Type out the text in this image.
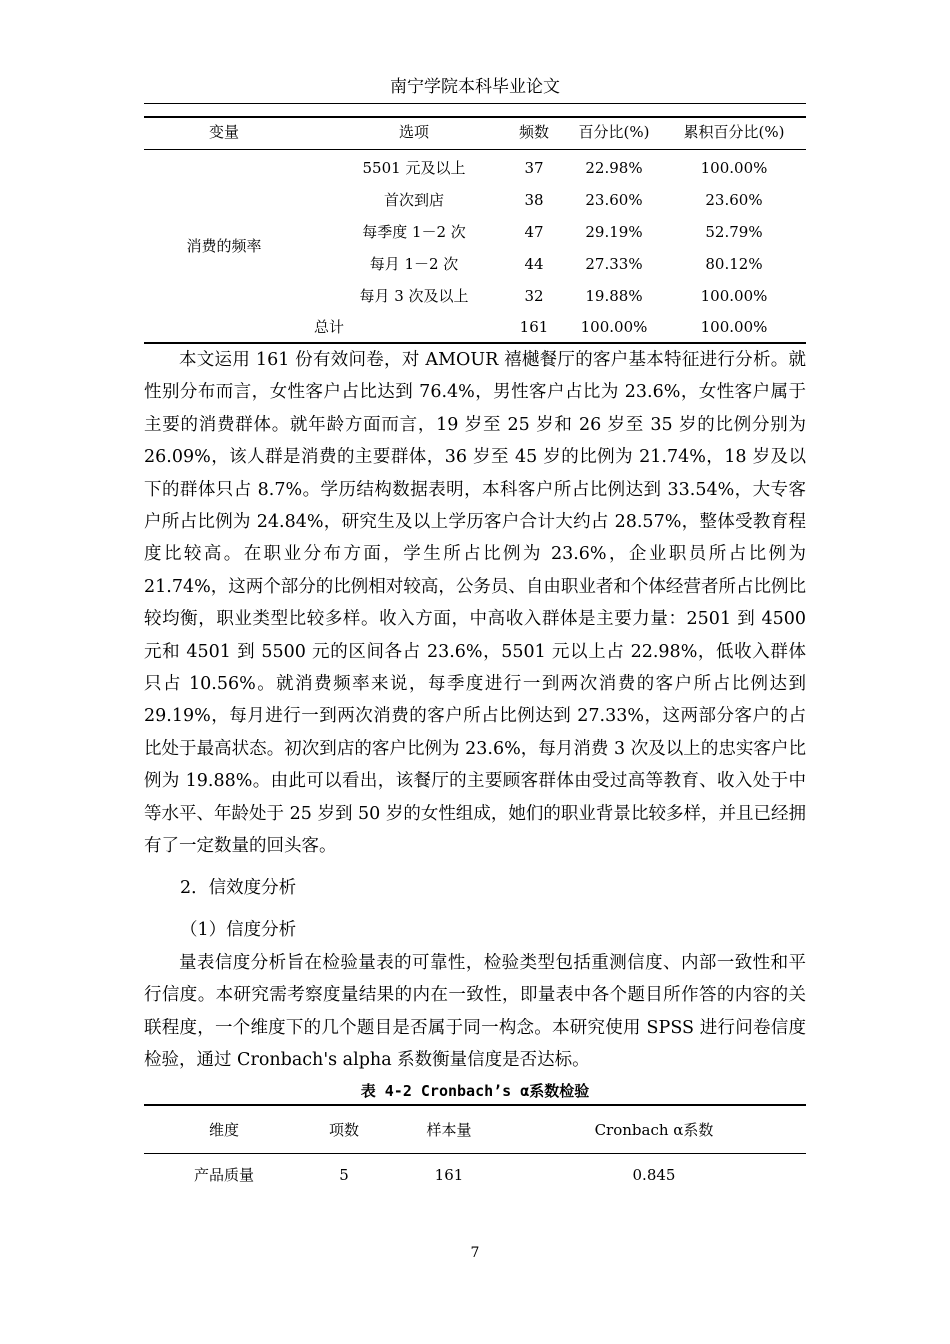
南宁学院本科毕业论文
变量	选项	频数	百分比(%)	累积百分比(%)
消费的频率
5501 元及以上	37	22.98%	100.00%
首次到店	38	23.60%	23.60%
每季度 1－2 次	47	29.19%	52.79%
每月 1－2 次	44	27.33%	80.12%
每月 3 次及以上	32	19.88%	100.00%
总计	161	100.00%	100.00%

本文运用 161 份有效问卷，对 AMOUR 禧樾餐厅的客户基本特征进行分析。就性别分布而言，女性客户占比达到 76.4%，男性客户占比为 23.6%，女性客户属于主要的消费群体。就年龄方面而言，19 岁至 25 岁和 26 岁至 35 岁的比例分别为 26.09%，该人群是消费的主要群体，36 岁至 45 岁的比例为 21.74%，18 岁及以下的群体只占 8.7%。学历结构数据表明，本科客户所占比例达到 33.54%，大专客户所占比例为 24.84%，研究生及以上学历客户合计大约占 28.57%，整体受教育程度比较高。在职业分布方面，学生所占比例为 23.6%，企业职员所占比例为 21.74%，这两个部分的比例相对较高，公务员、自由职业者和个体经营者所占比例比较均衡，职业类型比较多样。收入方面，中高收入群体是主要力量：2501 到 4500 元和 4501 到 5500 元的区间各占 23.6%，5501 元以上占 22.98%，低收入群体只占 10.56%。就消费频率来说，每季度进行一到两次消费的客户所占比例达到 29.19%，每月进行一到两次消费的客户所占比例达到 27.33%，这两部分客户的占比处于最高状态。初次到店的客户比例为 23.6%，每月消费 3 次及以上的忠实客户比例为 19.88%。由此可以看出，该餐厅的主要顾客群体由受过高等教育、收入处于中等水平、年龄处于 25 岁到 50 岁的女性组成，她们的职业背景比较多样，并且已经拥有了一定数量的回头客。

2．信效度分析
（1）信度分析

量表信度分析旨在检验量表的可靠性，检验类型包括重测信度、内部一致性和平行信度。本研究需考察度量结果的内在一致性，即量表中各个题目所作答的内容的关联程度，一个维度下的几个题目是否属于同一构念。本研究使用 SPSS 进行问卷信度检验，通过 Cronbach's alpha 系数衡量信度是否达标。

表 4-2 Cronbach’s α系数检验
维度	项数	样本量	Cronbach α系数
产品质量	5	161	0.845
7
